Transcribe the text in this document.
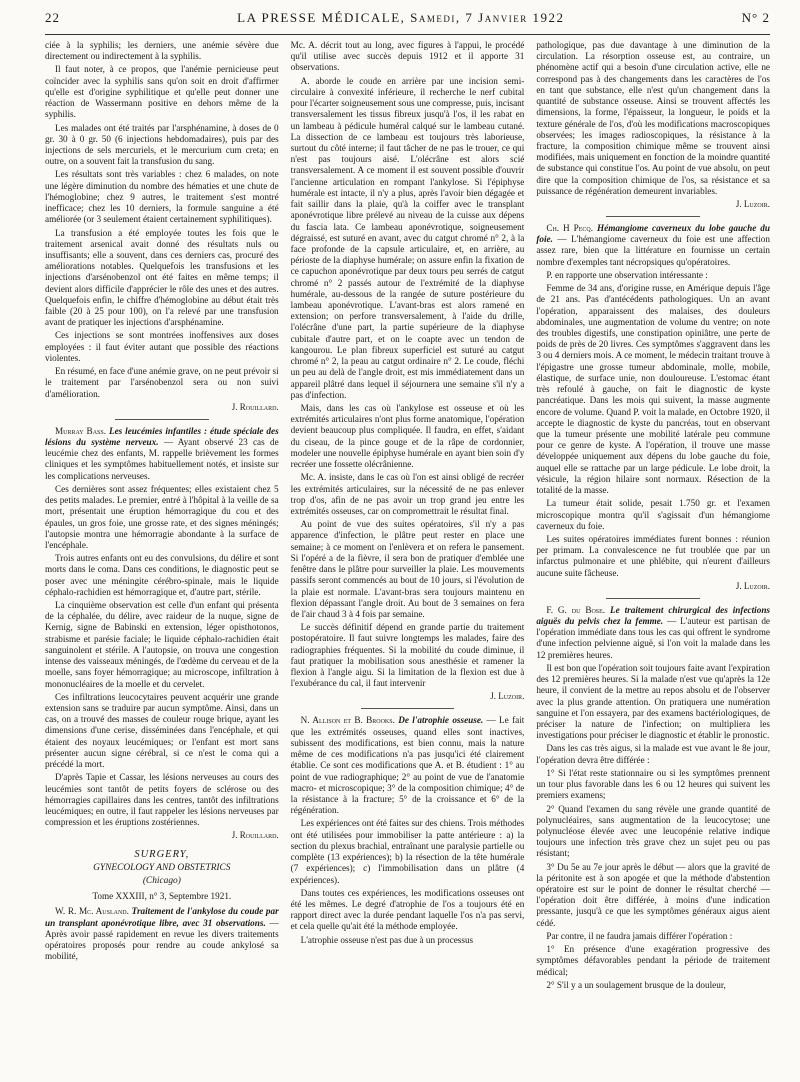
22	LA PRESSE MÉDICALE, Samedi, 7 Janvier 1922	N° 2

ciée à la syphilis; les derniers, une anémie sévère due directement ou indirectement à la syphilis.

Il faut noter, à ce propos, que l'anémie pernicieuse peut coïncider avec la syphilis sans qu'on soit en droit d'affirmer qu'elle est d'origine syphilitique et qu'elle peut donner une réaction de Wassermann positive en dehors même de la syphilis.

Les malades ont été traités par l'arsphénamine, à doses de 0 gr. 30 à 0 gr. 50 (6 injections hebdomadaires), puis par des injections de sels mercuriels, et le mercurium cum creta; en outre, on a souvent fait la transfusion du sang.

Les résultats sont très variables : chez 6 malades, on note une légère diminution du nombre des hématies et une chute de l'hémoglobine; chez 9 autres, le traitement s'est montré inefficace; chez les 10 derniers, la formule sanguine a été améliorée (or 3 seulement étaient certainement syphilitiques).

La transfusion a été employée toutes les fois que le traitement arsenical avait donné des résultats nuls ou insuffisants; elle a souvent, dans ces derniers cas, procuré des améliorations notables. Quelquefois les transfusions et les injections d'arsénobenzol ont été faites en même temps; il devient alors difficile d'apprécier le rôle des unes et des autres. Quelquefois enfin, le chiffre d'hémoglobine au début était très faible (20 à 25 pour 100), on l'a relevé par une transfusion avant de pratiquer les injections d'arsphénamine.

Ces injections se sont montrées inoffensives aux doses employées : il faut éviter autant que possible des réactions violentes.

En résumé, en face d'une anémie grave, on ne peut prévoir si le traitement par l'arsénobenzol sera ou non suivi d'amélioration.

J. Rouillard.

Murray Bass. Les leucémies infantiles : étude spéciale des lésions du système nerveux. — Ayant observé 23 cas de leucémie chez des enfants, M. rappelle brièvement les formes cliniques et les symptômes habituellement notés, et insiste sur les complications nerveuses.

Ces dernières sont assez fréquentes; elles existaient chez 5 des petits malades. Le premier, entré à l'hôpital à la veille de sa mort, présentait une éruption hémorragique du cou et des épaules, un gros foie, une grosse rate, et des signes méningés; l'autopsie montra une hémorragie abondante à la surface de l'encéphale.

Trois autres enfants ont eu des convulsions, du délire et sont morts dans le coma. Dans ces conditions, le diagnostic peut se poser avec une méningite cérébro-spinale, mais le liquide céphalo-rachidien est hémorragique et, d'autre part, stérile.

La cinquième observation est celle d'un enfant qui présenta de la céphalée, du délire, avec raideur de la nuque, signe de Kernig, signe de Babinski en extension, léger opisthotonos, strabisme et parésie faciale; le liquide céphalo-rachidien était sanguinolent et stérile. A l'autopsie, on trouva une congestion intense des vaisseaux méningés, de l'œdème du cerveau et de la moelle, sans foyer hémorragique; au microscope, infiltration à mononucléaires de la moelle et du cervelet.

Ces infiltrations leucocytaires peuvent acquérir une grande extension sans se traduire par aucun symptôme. Ainsi, dans un cas, on a trouvé des masses de couleur rouge brique, ayant les dimensions d'une cerise, disséminées dans l'encéphale, et qui étaient des noyaux leucémiques; or l'enfant est mort sans présenter aucun signe cérébral, si ce n'est le coma qui a précédé la mort.

D'après Tapie et Cassar, les lésions nerveuses au cours des leucémies sont tantôt de petits foyers de sclérose ou des hémorragies capillaires dans les centres, tantôt des infiltrations leucémiques; en outre, il faut rappeler les lésions nerveuses par compression et les éruptions zostériennes.

J. Rouillard.
SURGERY,
GYNECOLOGY AND OBSTETRICS
(Chicago)
Tome XXXIII, n° 3, Septembre 1921.

W. R. Mc. Ausland. Traitement de l'ankylose du coude par un transplant aponévrotique libre, avec 31 observations. — Après avoir passé rapidement en revue les divers traitements opératoires proposés pour rendre au coude ankylosé sa mobilité,

Mc. A. décrit tout au long, avec figures à l'appui, le procédé qu'il utilise avec succès depuis 1912 et il apporte 31 observations.

A. aborde le coude en arrière par une incision semi-circulaire à convexité inférieure, il recherche le nerf cubital pour l'écarter soigneusement sous une compresse, puis, incisant transversalement les tissus fibreux jusqu'à l'os, il les rabat en un lambeau à pédicule huméral calqué sur le lambeau cutané. La dissection de ce lambeau est toujours très laborieuse, surtout du côté interne; il faut tâcher de ne pas le trouer, ce qui n'est pas toujours aisé. L'olécrâne est alors scié transversalement. A ce moment il est souvent possible d'ouvrir l'ancienne articulation en rompant l'ankylose. Si l'épiphyse humérale est intacte, il n'y a plus, après l'avoir bien dégagée et fait saillir dans la plaie, qu'à la coiffer avec le transplant aponévrotique libre prélevé au niveau de la cuisse aux dépens du fascia lata. Ce lambeau aponévrotique, soigneusement dégraissé, est suturé en avant, avec du catgut chromé n° 2, à la face profonde de la capsule articulaire, et, en arrière, au périoste de la diaphyse humérale; on assure enfin la fixation de ce capuchon aponévrotique par deux tours peu serrés de catgut chromé n° 2 passés autour de l'extrémité de la diaphyse humérale, au-dessous de la rangée de suture postérieure du lambeau aponévrotique. L'avant-bras est alors ramené en extension; on perfore transversalement, à l'aide du drille, l'olécrâne d'une part, la partie supérieure de la diaphyse cubitale d'autre part, et on le coapte avec un tendon de kangourou. Le plan fibreux superficiel est suturé au catgut chromé n° 2, la peau au catgut ordinaire n° 2. Le coude, fléchi un peu au delà de l'angle droit, est mis immédiatement dans un appareil plâtré dans lequel il séjournera une semaine s'il n'y a pas d'infection.

Mais, dans les cas où l'ankylose est osseuse et où les extrémités articulaires n'ont plus forme anatomique, l'opération devient beaucoup plus compliquée. Il faudra, en effet, s'aidant du ciseau, de la pince gouge et de la râpe de cordonnier, modeler une nouvelle épiphyse humérale en ayant bien soin d'y recréer une fossette olécrânienne.

Mc. A. insiste, dans le cas où l'on est ainsi obligé de recréer les extrémités articulaires, sur la nécessité de ne pas enlever trop d'os, afin de ne pas avoir un trop grand jeu entre les extrémités osseuses, car on compromettrait le résultat final.

Au point de vue des suites opératoires, s'il n'y a pas apparence d'infection, le plâtre peut rester en place une semaine; à ce moment on l'enlèvera et on refera le pansement. Si l'opéré a de la fièvre, il sera bon de pratiquer d'emblée une fenêtre dans le plâtre pour surveiller la plaie. Les mouvements passifs seront commencés au bout de 10 jours, si l'évolution de la plaie est normale. L'avant-bras sera toujours maintenu en flexion dépassant l'angle droit. Au bout de 3 semaines on fera de l'air chaud 3 à 4 fois par semaine.

Le succès définitif dépend en grande partie du traitement postopératoire. Il faut suivre longtemps les malades, faire des radiographies fréquentes. Si la mobilité du coude diminue, il faut pratiquer la mobilisation sous anesthésie et ramener la flexion à l'angle aigu. Si la limitation de la flexion est due à l'exubérance du cal, il faut intervenir

J. Luzoir.

N. Allison et B. Brooks. De l'atrophie osseuse. — Le fait que les extrémités osseuses, quand elles sont inactives, subissent des modifications, est bien connu, mais la nature même de ces modifications n'a pas jusqu'ici été clairement établie. Ce sont ces modifications que A. et B. étudient : 1° au point de vue radiographique; 2° au point de vue de l'anatomie macro- et microscopique; 3° de la composition chimique; 4° de la résistance à la fracture; 5° de la croissance et 6° de la régénération.

Les expériences ont été faites sur des chiens. Trois méthodes ont été utilisées pour immobiliser la patte antérieure : a) la section du plexus brachial, entraînant une paralysie partielle ou complète (13 expériences); b) la résection de la tête humérale (7 expériences); c) l'immobilisation dans un plâtre (4 expériences).

Dans toutes ces expériences, les modifications osseuses ont été les mêmes. Le degré d'atrophie de l'os a toujours été en rapport direct avec la durée pendant laquelle l'os n'a pas servi, et cela quelle qu'ait été la méthode employée.

L'atrophie osseuse n'est pas due à un processus

pathologique, pas due davantage à une diminution de la circulation. La résorption osseuse est, au contraire, un phénomène actif qui a besoin d'une circulation active, elle ne correspond pas à des changements dans les caractères de l'os en tant que substance, elle n'est qu'un changement dans la quantité de substance osseuse. Ainsi se trouvent affectés les dimensions, la forme, l'épaisseur, la longueur, le poids et la texture générale de l'os, d'où les modifications macroscopiques observées; les images radioscopiques, la résistance à la fracture, la composition chimique même se trouvent ainsi modifiées, mais uniquement en fonction de la moindre quantité de substance qui constitue l'os. Au point de vue absolu, on peut dire que la composition chimique de l'os, sa résistance et sa puissance de régénération demeurent invariables.

J. Luzoir.

Ch. H Pecq. Hémangiome caverneux du lobe gauche du foie. — L'hémangiome caverneux du foie est une affection assez rare, bien que la littérature en fournisse un certain nombre d'exemples tant nécropsiques qu'opératoires.

P. en rapporte une observation intéressante :

Femme de 34 ans, d'origine russe, en Amérique depuis l'âge de 21 ans. Pas d'antécédents pathologiques. Un an avant l'opération, apparaissent des malaises, des douleurs abdominales, une augmentation de volume du ventre; on note des troubles digestifs, une constipation opiniâtre, une perte de poids de près de 20 livres. Ces symptômes s'aggravent dans les 3 ou 4 derniers mois. A ce moment, le médecin traitant trouve à l'épigastre une grosse tumeur abdominale, molle, mobile, élastique, de surface unie, non douloureuse. L'estomac étant très refoulé à gauche, on fait le diagnostic de kyste pancréatique. Dans les mois qui suivent, la masse augmente encore de volume. Quand P. voit la malade, en Octobre 1920, il accepte le diagnostic de kyste du pancréas, tout en observant que la tumeur présente une mobilité latérale peu commune pour ce genre de kyste. A l'opération, il trouve une masse développée uniquement aux dépens du lobe gauche du foie, auquel elle se rattache par un large pédicule. Le lobe droit, la vésicule, la région hilaire sont normaux. Résection de la totalité de la masse.

La tumeur était solide, pesait 1.750 gr. et l'examen microscopique montra qu'il s'agissait d'un hémangiome caverneux du foie.

Les suites opératoires immédiates furent bonnes : réunion per primam. La convalescence ne fut troublée que par un infarctus pulmonaire et une phlébite, qui n'eurent d'ailleurs aucune suite fâcheuse.

J. Luzoir.

F. G. du Bose. Le traitement chirurgical des infections aiguës du pelvis chez la femme. — L'auteur est partisan de l'opération immédiate dans tous les cas qui offrent le syndrome d'une infection pelvienne aiguë, si l'on voit la malade dans les 12 premières heures.

Il est bon que l'opération soit toujours faite avant l'expiration des 12 premières heures. Si la malade n'est vue qu'après la 12e heure, il convient de la mettre au repos absolu et de l'observer avec la plus grande attention. On pratiquera une numération sanguine et l'on essayera, par des examens bactériologiques, de préciser la nature de l'infection; on multipliera les investigations pour préciser le diagnostic et établir le pronostic.

Dans les cas très aigus, si la malade est vue avant le 8e jour, l'opération devra être différée :

1° Si l'état reste stationnaire ou si les symptômes prennent un tour plus favorable dans les 6 ou 12 heures qui suivent les premiers examens;

2° Quand l'examen du sang révèle une grande quantité de polynucléaires, sans augmentation de la leucocytose; une polynucléose élevée avec une leucopénie relative indique toujours une infection très grave chez un sujet peu ou pas résistant;

3° Du 5e au 7e jour après le début — alors que la gravité de la péritonite est à son apogée et que la méthode d'abstention opératoire est sur le point de donner le résultat cherché — l'opération doit être différée, à moins d'une indication pressante, jusqu'à ce que les symptômes généraux aigus aient cédé.

Par contre, il ne faudra jamais différer l'opération :

1° En présence d'une exagération progressive des symptômes défavorables pendant la période de traitement médical;

2° S'il y a un soulagement brusque de la douleur,
